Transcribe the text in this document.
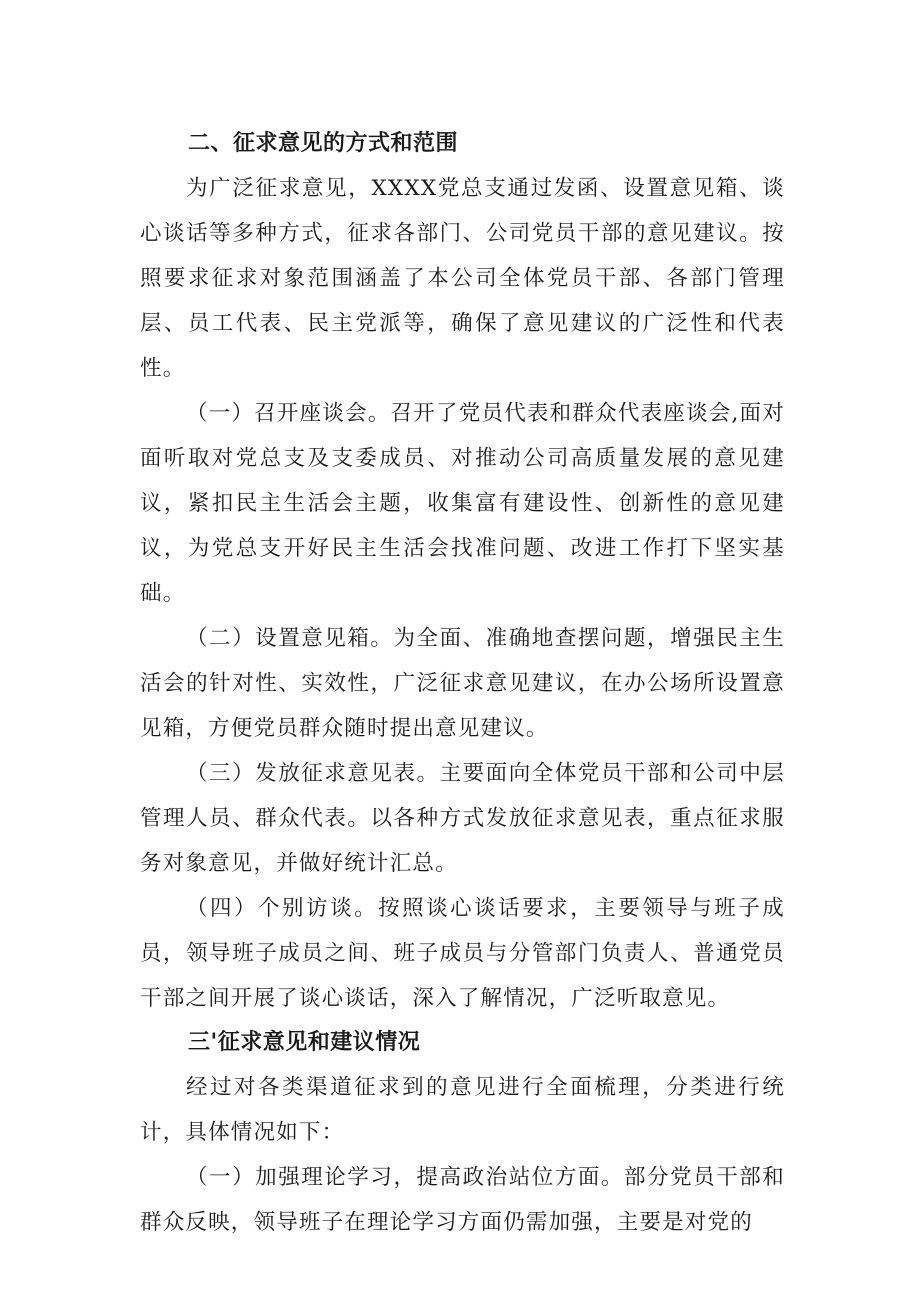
二、征求意见的方式和范围

为广泛征求意见，XXXX党总支通过发函、设置意见箱、谈心谈话等多种方式，征求各部门、公司党员干部的意见建议。按照要求征求对象范围涵盖了本公司全体党员干部、各部门管理层、员工代表、民主党派等，确保了意见建议的广泛性和代表性。

（一）召开座谈会。召开了党员代表和群众代表座谈会,面对面听取对党总支及支委成员、对推动公司高质量发展的意见建议，紧扣民主生活会主题，收集富有建设性、创新性的意见建议，为党总支开好民主生活会找准问题、改进工作打下坚实基础。

（二）设置意见箱。为全面、准确地查摆问题，增强民主生活会的针对性、实效性，广泛征求意见建议，在办公场所设置意见箱，方便党员群众随时提出意见建议。

（三）发放征求意见表。主要面向全体党员干部和公司中层管理人员、群众代表。以各种方式发放征求意见表，重点征求服务对象意见，并做好统计汇总。

（四）个别访谈。按照谈心谈话要求，主要领导与班子成员，领导班子成员之间、班子成员与分管部门负责人、普通党员干部之间开展了谈心谈话，深入了解情况，广泛听取意见。

三'征求意见和建议情况

经过对各类渠道征求到的意见进行全面梳理，分类进行统计，具体情况如下：

（一）加强理论学习，提高政治站位方面。部分党员干部和群众反映，领导班子在理论学习方面仍需加强，主要是对党的
